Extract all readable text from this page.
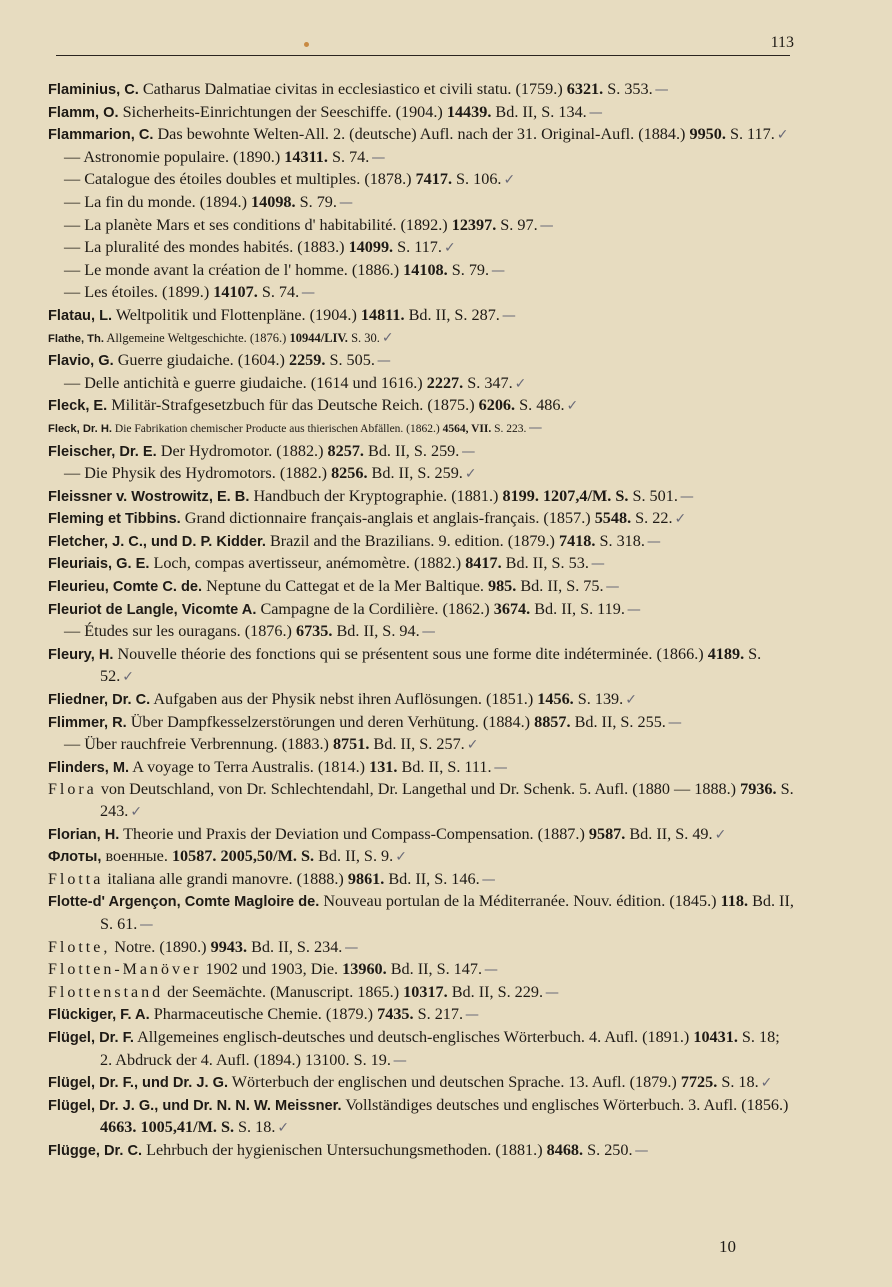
113
Flaminius, C. Catharus Dalmatiae civitas in ecclesiastico et civili statu. (1759.) 6321. S. 353. —
Flamm, O. Sicherheits-Einrichtungen der Seeschiffe. (1904.) 14439. Bd. II, S. 134. —
Flammarion, C. Das bewohnte Welten-All. 2. (deutsche) Aufl. nach der 31. Original-Aufl. (1884.) 9950. S. 117. ✓
— Astronomie populaire. (1890.) 14311. S. 74. —
— Catalogue des étoiles doubles et multiples. (1878.) 7417. S. 106. ✓
— La fin du monde. (1894.) 14098. S. 79. —
— La planète Mars et ses conditions d' habitabilité. (1892.) 12397. S. 97. —
— La pluralité des mondes habités. (1883.) 14099. S. 117. ✓
— Le monde avant la création de l' homme. (1886.) 14108. S. 79. —
— Les étoiles. (1899.) 14107. S. 74. —
Flatau, L. Weltpolitik und Flottenpläne. (1904.) 14811. Bd. II, S. 287. —
Flathe, Th. Allgemeine Weltgeschichte. (1876.) 10944/LIV. S. 30. ✓
Flavio, G. Guerre giudaiche. (1604.) 2259. S. 505. —
— Delle antichità e guerre giudaiche. (1614 und 1616.) 2227. S. 347. ✓
Fleck, E. Militär-Strafgesetzbuch für das Deutsche Reich. (1875.) 6206. S. 486. ✓
Fleck, Dr. H. Die Fabrikation chemischer Producte aus thierischen Abfällen. (1862.) 4564, VII. S. 223. —
Fleischer, Dr. E. Der Hydromotor. (1882.) 8257. Bd. II, S. 259. —
— Die Physik des Hydromotors. (1882.) 8256. Bd. II, S. 259. ✓
Fleissner v. Wostrowitz, E. B. Handbuch der Kryptographie. (1881.) 8199. 1207,4/M. S. S. 501. —
Fleming et Tibbins. Grand dictionnaire français-anglais et anglais-français. (1857.) 5548. S. 22. ✓
Fletcher, J. C., und D. P. Kidder. Brazil and the Brazilians. 9. edition. (1879.) 7418. S. 318. —
Fleuriais, G. E. Loch, compas avertisseur, anémomètre. (1882.) 8417. Bd. II, S. 53. —
Fleurieu, Comte C. de. Neptune du Cattegat et de la Mer Baltique. 985. Bd. II, S. 75. —
Fleuriot de Langle, Vicomte A. Campagne de la Cordilière. (1862.) 3674. Bd. II, S. 119. —
— Études sur les ouragans. (1876.) 6735. Bd. II, S. 94. —
Fleury, H. Nouvelle théorie des fonctions qui se présentent sous une forme dite indéterminée. (1866.) 4189. S. 52. ✓
Fliedner, Dr. C. Aufgaben aus der Physik nebst ihren Auflösungen. (1851.) 1456. S. 139. ✓
Flimmer, R. Über Dampfkesselzerstörungen und deren Verhütung. (1884.) 8857. Bd. II, S. 255. —
— Über rauchfreie Verbrennung. (1883.) 8751. Bd. II, S. 257. ✓
Flinders, M. A voyage to Terra Australis. (1814.) 131. Bd. II, S. 111. —
Flora von Deutschland, von Dr. Schlechtendahl, Dr. Langethal und Dr. Schenk. 5. Aufl. (1880 — 1888.) 7936. S. 243. ✓
Florian, H. Theorie und Praxis der Deviation und Compass-Compensation. (1887.) 9587. Bd. II, S. 49. ✓
Флоты, военные. 10587. 2005,50/M. S. Bd. II, S. 9. ✓
Flotta italiana alle grandi manovre. (1888.) 9861. Bd. II, S. 146. —
Flotte-d' Argençon, Comte Magloire de. Nouveau portulan de la Méditerranée. Nouv. édition. (1845.) 118. Bd. II, S. 61. —
Flotte, Notre. (1890.) 9943. Bd. II, S. 234. —
Flotten-Manöver 1902 und 1903, Die. 13960. Bd. II, S. 147. —
Flottenstand der Seemächte. (Manuscript. 1865.) 10317. Bd. II, S. 229. —
Flückiger, F. A. Pharmaceutische Chemie. (1879.) 7435. S. 217. —
Flügel, Dr. F. Allgemeines englisch-deutsches und deutsch-englisches Wörterbuch. 4. Aufl. (1891.) 10431. S. 18; 2. Abdruck der 4. Aufl. (1894.) 13100. S. 19. —
Flügel, Dr. F., und Dr. J. G. Wörterbuch der englischen und deutschen Sprache. 13. Aufl. (1879.) 7725. S. 18. ✓
Flügel, Dr. J. G., und Dr. N. N. W. Meissner. Vollständiges deutsches und englisches Wörterbuch. 3. Aufl. (1856.) 4663. 1005,41/M. S. S. 18. ✓
Flügge, Dr. C. Lehrbuch der hygienischen Untersuchungsmethoden. (1881.) 8468. S. 250. —
10
